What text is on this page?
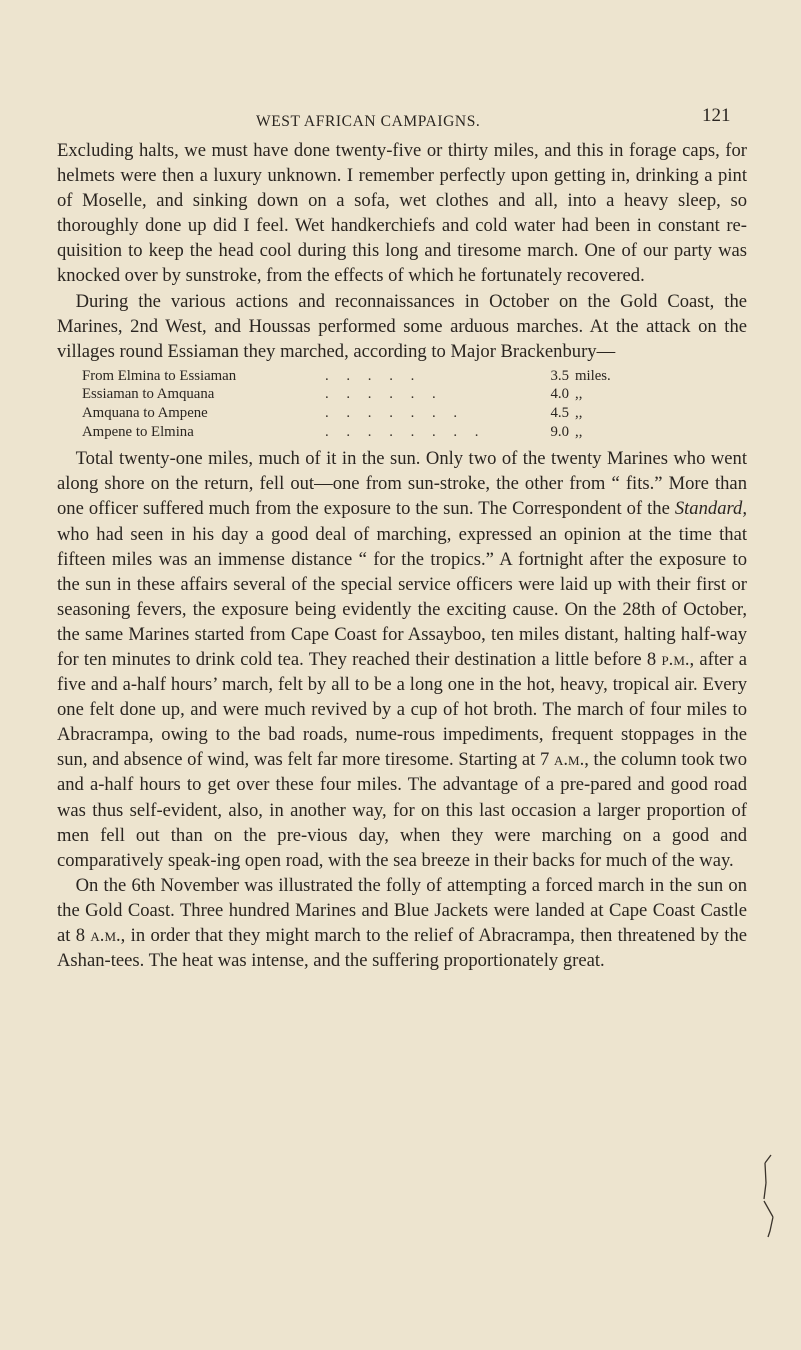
WEST AFRICAN CAMPAIGNS.	121

Excluding halts, we must have done twenty-five or thirty miles, and this in forage caps, for helmets were then a luxury unknown. I remember perfectly upon getting in, drinking a pint of Moselle, and sinking down on a sofa, wet clothes and all, into a heavy sleep, so thoroughly done up did I feel. Wet handkerchiefs and cold water had been in constant re-quisition to keep the head cool during this long and tiresome march. One of our party was knocked over by sunstroke, from the effects of which he fortunately recovered.

 During the various actions and reconnaissances in October on the Gold Coast, the Marines, 2nd West, and Houssas performed some arduous marches. At the attack on the villages round Essiaman they marched, according to Major Brackenbury—

From Elmina to Essiaman	. . . . .	3.5 miles.
Essiaman to Amquana	. . . . . .	4.0 ,,
Amquana to Ampene	. . . . . . .	4.5 ,,
Ampene to Elmina	. . . . . . . .	9.0 ,,

 Total twenty-one miles, much of it in the sun. Only two of the twenty Marines who went along shore on the return, fell out—one from sun-stroke, the other from “ fits.” More than one officer suffered much from the exposure to the sun. The Correspondent of the Standard, who had seen in his day a good deal of marching, expressed an opinion at the time that fifteen miles was an immense distance “ for the tropics.” A fortnight after the exposure to the sun in these affairs several of the special service officers were laid up with their first or seasoning fevers, the exposure being evidently the exciting cause. On the 28th of October, the same Marines started from Cape Coast for Assayboo, ten miles distant, halting half-way for ten minutes to drink cold tea. They reached their destination a little before 8 p.m., after a five and a-half hours’ march, felt by all to be a long one in the hot, heavy, tropical air. Every one felt done up, and were much revived by a cup of hot broth. The march of four miles to Abracrampa, owing to the bad roads, nume-rous impediments, frequent stoppages in the sun, and absence of wind, was felt far more tiresome. Starting at 7 a.m., the column took two and a-half hours to get over these four miles. The advantage of a pre-pared and good road was thus self-evident, also, in another way, for on this last occasion a larger proportion of men fell out than on the pre-vious day, when they were marching on a good and comparatively speak-ing open road, with the sea breeze in their backs for much of the way.

 On the 6th November was illustrated the folly of attempting a forced march in the sun on the Gold Coast. Three hundred Marines and Blue Jackets were landed at Cape Coast Castle at 8 a.m., in order that they might march to the relief of Abracrampa, then threatened by the Ashan-tees. The heat was intense, and the suffering proportionately great.
